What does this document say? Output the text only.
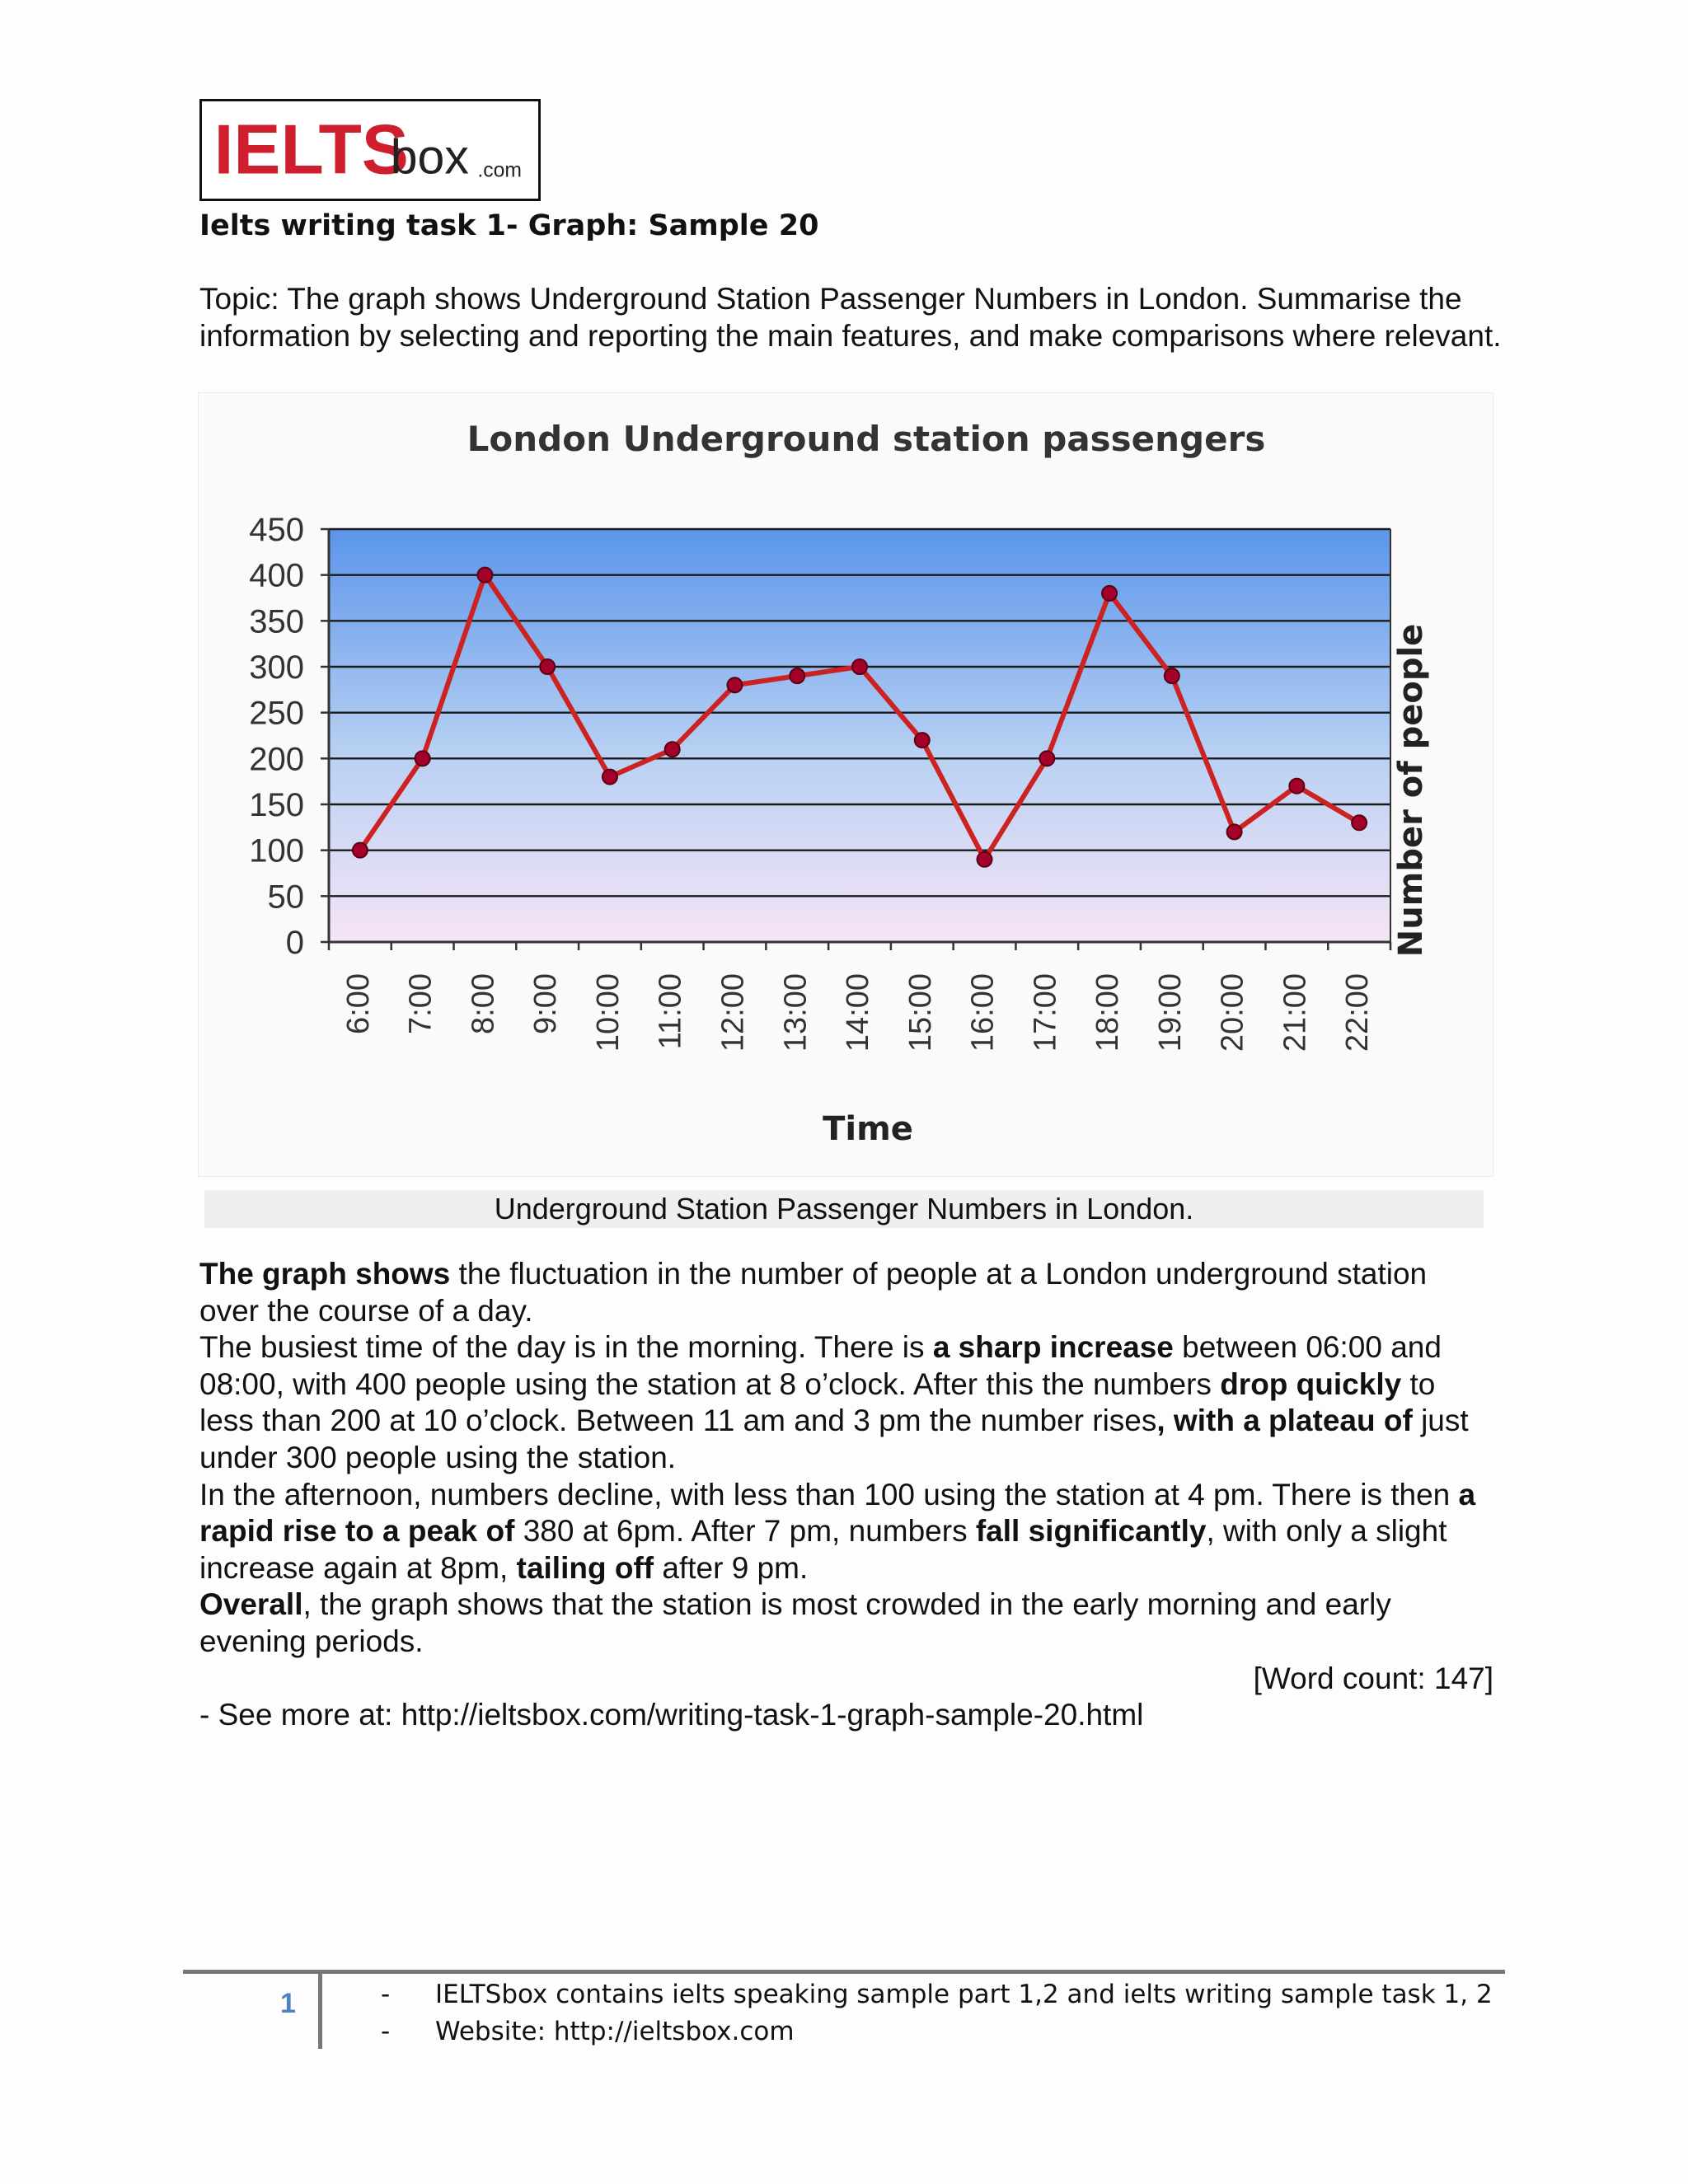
IELTS
box .com
Ielts writing task 1- Graph: Sample 20

Topic: The graph shows Underground Station Passenger Numbers in London. Summarise the information by selecting and reporting the main features, and make comparisons where relevant.

London Underground station passengers
450
400
350
300
250
200
150
100
50
0
6:00 7:00 8:00 9:00 10:00 11:00 12:00 13:00 14:00 15:00 16:00 17:00 18:00 19:00 20:00 21:00 22:00
Time
Number of people
Underground Station Passenger Numbers in London.

The graph shows the fluctuation in the number of people at a London underground station over the course of a day.

The busiest time of the day is in the morning. There is a sharp increase between 06:00 and 08:00, with 400 people using the station at 8 o’clock. After this the numbers drop quickly to less than 200 at 10 o’clock. Between 11 am and 3 pm the number rises, with a plateau of just under 300 people using the station.

In the afternoon, numbers decline, with less than 100 using the station at 4 pm. There is then a rapid rise to a peak of 380 at 6pm. After 7 pm, numbers fall significantly, with only a slight increase again at 8pm, tailing off after 9 pm.

Overall, the graph shows that the station is most crowded in the early morning and early evening periods.

[Word count: 147]

- See more at: http://ieltsbox.com/writing-task-1-graph-sample-20.html

1	- IELTSbox contains ielts speaking sample part 1,2 and ielts writing sample task 1, 2
- Website: http://ieltsbox.com
